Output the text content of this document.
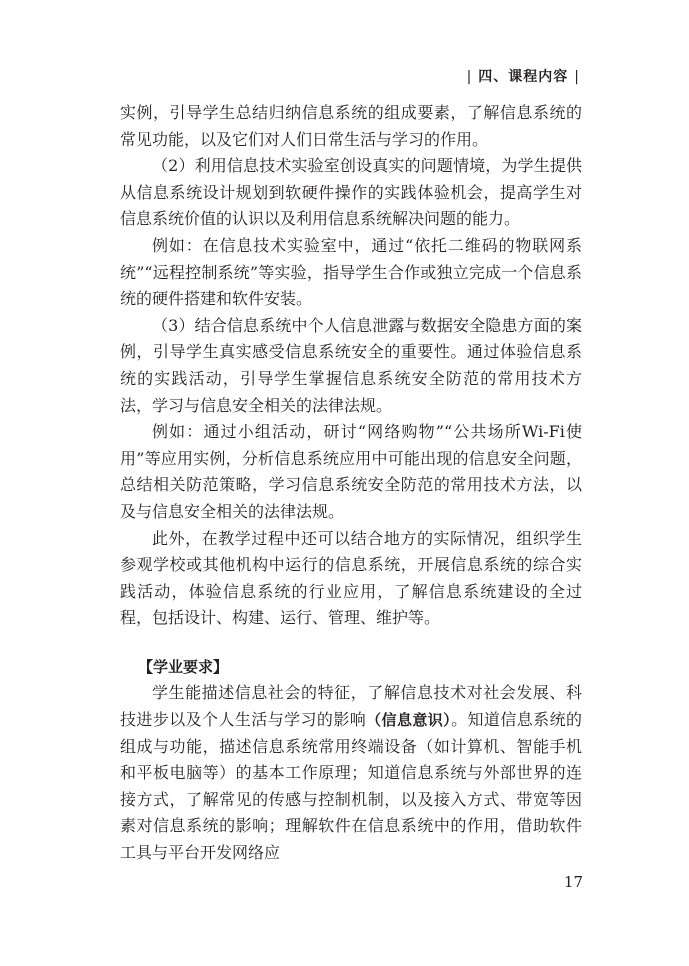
| 四、课程内容 |

实例，引导学生总结归纳信息系统的组成要素，了解信息系统的常见功能，以及它们对人们日常生活与学习的作用。

（2）利用信息技术实验室创设真实的问题情境，为学生提供从信息系统设计规划到软硬件操作的实践体验机会，提高学生对信息系统价值的认识以及利用信息系统解决问题的能力。

例如：在信息技术实验室中，通过“依托二维码的物联网系统”“远程控制系统”等实验，指导学生合作或独立完成一个信息系统的硬件搭建和软件安装。

（3）结合信息系统中个人信息泄露与数据安全隐患方面的案例，引导学生真实感受信息系统安全的重要性。通过体验信息系统的实践活动，引导学生掌握信息系统安全防范的常用技术方法，学习与信息安全相关的法律法规。

例如：通过小组活动，研讨“网络购物”“公共场所Wi-Fi使用”等应用实例，分析信息系统应用中可能出现的信息安全问题，总结相关防范策略，学习信息系统安全防范的常用技术方法，以及与信息安全相关的法律法规。

此外，在教学过程中还可以结合地方的实际情况，组织学生参观学校或其他机构中运行的信息系统，开展信息系统的综合实践活动，体验信息系统的行业应用，了解信息系统建设的全过程，包括设计、构建、运行、管理、维护等。

【学业要求】

学生能描述信息社会的特征，了解信息技术对社会发展、科技进步以及个人生活与学习的影响（信息意识）。知道信息系统的组成与功能，描述信息系统常用终端设备（如计算机、智能手机和平板电脑等）的基本工作原理；知道信息系统与外部世界的连接方式，了解常见的传感与控制机制，以及接入方式、带宽等因素对信息系统的影响；理解软件在信息系统中的作用，借助软件工具与平台开发网络应

17
